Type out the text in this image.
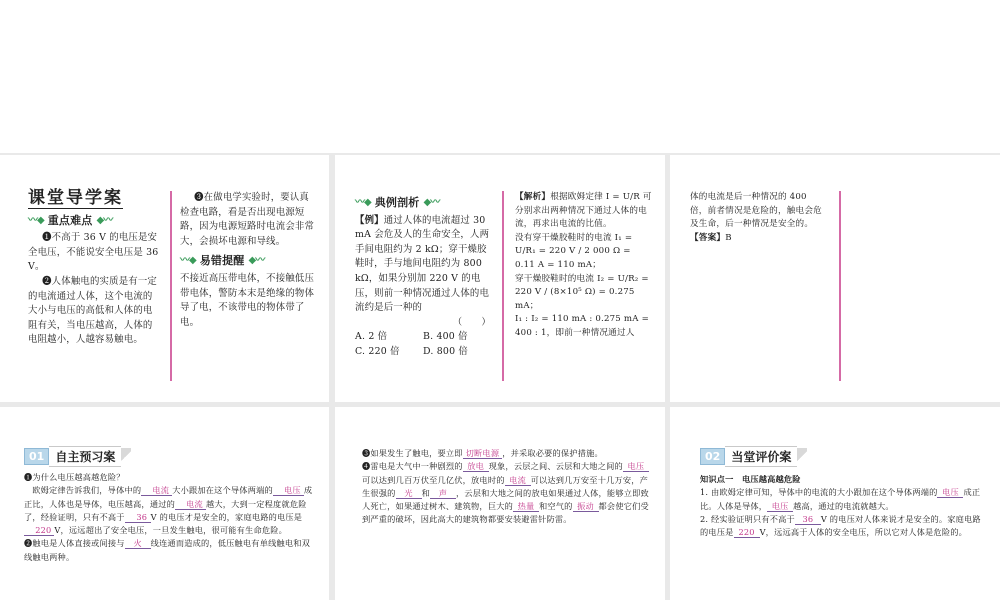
课堂导学案
〰◆ 重点难点 ◆〰

❶不高于 36 V 的电压是安全电压，不能说安全电压是 36 V。

❷人体触电的实质是有一定的电流通过人体，这个电流的大小与电压的高低和人体的电阻有关，当电压越高，人体的电阻越小，人越容易触电。

❸在做电学实验时，要认真检查电路，看是否出现电源短路，因为电源短路时电流会非常大，会损坏电源和导线。

〰◆ 易错提醒 ◆〰

不接近高压带电体，不接触低压带电体，警防本末是绝缘的物体导了电，不该带电的物体带了电。

〰◆ 典例剖析 ◆〰

【例】通过人体的电流超过 30 mA 会危及人的生命安全，人两手间电阻约为 2 kΩ；穿干燥胶鞋时，手与地间电阻约为 800 kΩ，如果分别加 220 V 的电压，则前一种情况通过人体的电流约是后一种的

（　　）

A. 2 倍	B. 400 倍
C. 220 倍	D. 800 倍

【解析】根据欧姆定律 I = U/R 可分别求出两种情况下通过人体的电流，再求出电流的比值。

没有穿干燥胶鞋时的电流 I₁ = U/R₁ = 220 V / 2 000 Ω = 0.11 A = 110 mA；

穿干燥胶鞋时的电流 I₂ = U/R₂ = 220 V / (8×10⁵ Ω) = 0.275 mA；

I₁ : I₂ = 110 mA : 0.275 mA = 400 : 1，即前一种情况通过人

体的电流是后一种情况的 400 倍，前者情况是危险的，触电会危及生命，后一种情况是安全的。

【答案】B

01 自主预习案

❶为什么电压越高越危险？

欧姆定律告诉我们，导体中的 电流 大小跟加在这个导体两端的 电压 成正比，人体也是导体，电压越高，通过的 电流 越大，大到一定程度就危险了，经验证明，只有不高于 36 V 的电压才是安全的，家庭电路的电压是220 V，远远超出了安全电压，一旦发生触电，很可能有生命危险。

❷触电是人体直接或间接与 火 线连通而造成的，低压触电有单线触电和双线触电两种。

❸如果发生了触电，要立即 切断电源 ，并采取必要的保护措施。

❹雷电是大气中一种剧烈的 放电 现象，云层之间、云层和大地之间的 电压可以达到几百万伏至几亿伏，放电时的 电流 可以达到几万安至十几万安，产生很强的 光 和 声 ，云层和大地之间的放电如果通过人体，能够立即致人死亡，如果通过树木、建筑物，巨大的 热量 和空气的 振动 都会使它们受到严重的破坏，因此高大的建筑物都要安装避雷针防雷。

02 当堂评价案

知识点一　电压越高越危险

1. 由欧姆定律可知，导体中的电流的大小跟加在这个导体两端的 电压 成正比。人体是导体， 电压 越高，通过的电流就越大。

2. 经实验证明只有不高于 36 V 的电压对人体来说才是安全的。家庭电路的电压是 220 V，远远高于人体的安全电压，所以它对人体是危险的。
